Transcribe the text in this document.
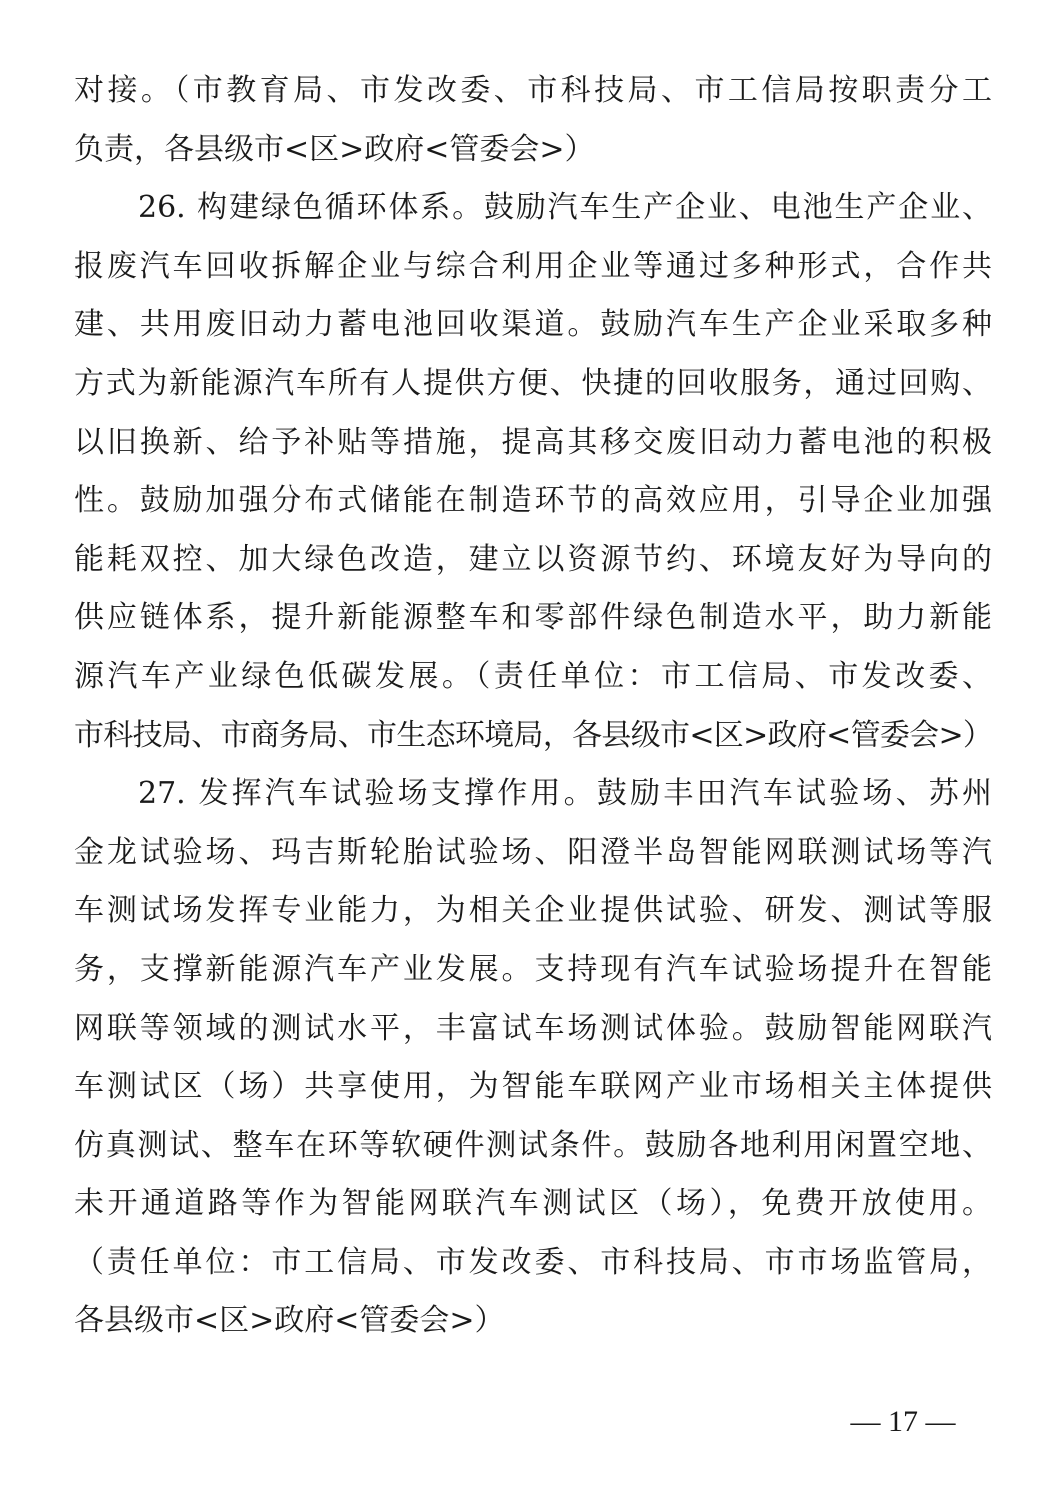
对接。（市教育局、市发改委、市科技局、市工信局按职责分工
负责，各县级市<区>政府<管委会>）
26. 构建绿色循环体系。鼓励汽车生产企业、电池生产企业、
报废汽车回收拆解企业与综合利用企业等通过多种形式，合作共
建、共用废旧动力蓄电池回收渠道。鼓励汽车生产企业采取多种
方式为新能源汽车所有人提供方便、快捷的回收服务，通过回购、
以旧换新、给予补贴等措施，提高其移交废旧动力蓄电池的积极
性。鼓励加强分布式储能在制造环节的高效应用，引导企业加强
能耗双控、加大绿色改造，建立以资源节约、环境友好为导向的
供应链体系，提升新能源整车和零部件绿色制造水平，助力新能
源汽车产业绿色低碳发展。（责任单位：市工信局、市发改委、
市科技局、市商务局、市生态环境局，各县级市<区>政府<管委会>）
27. 发挥汽车试验场支撑作用。鼓励丰田汽车试验场、苏州
金龙试验场、玛吉斯轮胎试验场、阳澄半岛智能网联测试场等汽
车测试场发挥专业能力，为相关企业提供试验、研发、测试等服
务，支撑新能源汽车产业发展。支持现有汽车试验场提升在智能
网联等领域的测试水平，丰富试车场测试体验。鼓励智能网联汽
车测试区（场）共享使用，为智能车联网产业市场相关主体提供
仿真测试、整车在环等软硬件测试条件。鼓励各地利用闲置空地、
未开通道路等作为智能网联汽车测试区（场），免费开放使用。
（责任单位：市工信局、市发改委、市科技局、市市场监管局，
各县级市<区>政府<管委会>）
— 17 —
